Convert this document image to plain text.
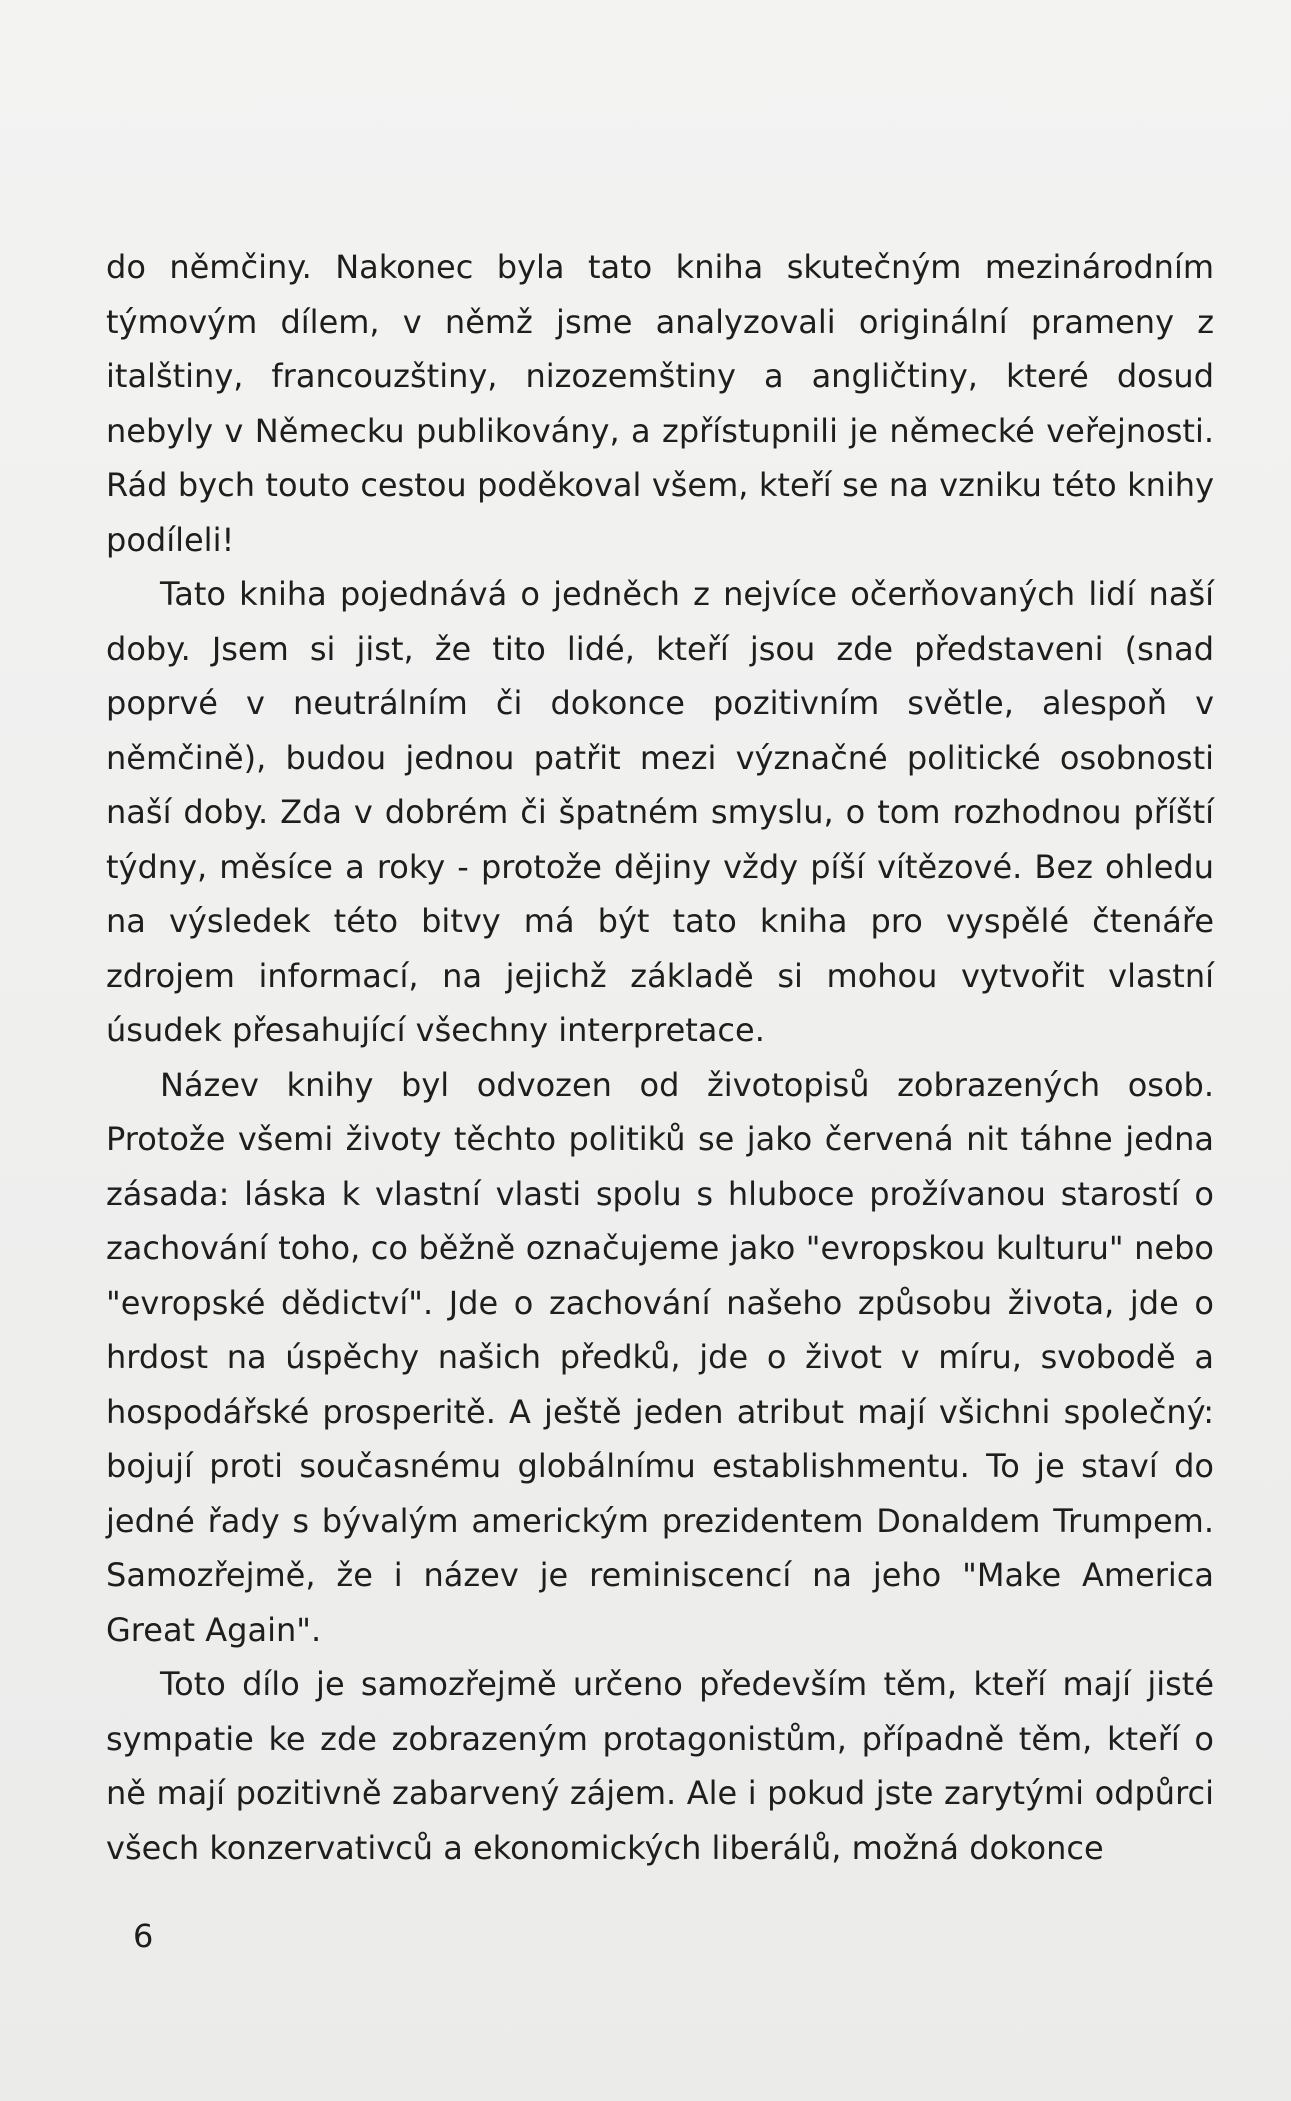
do němčiny. Nakonec byla tato kniha skutečným mezinárodním týmovým dílem, v němž jsme analyzovali originální prameny z italštiny, francouzštiny, nizozemštiny a angličtiny, které dosud nebyly v Německu publikovány, a zpřístupnili je německé veřejnosti. Rád bych touto cestou poděkoval všem, kteří se na vzniku této knihy podíleli!

Tato kniha pojednává o jedněch z nejvíce očerňovaných lidí naší doby. Jsem si jist, že tito lidé, kteří jsou zde představeni (snad poprvé v neutrálním či dokonce pozitivním světle, alespoň v němčině), budou jednou patřit mezi význačné politické osobnosti naší doby. Zda v dobrém či špatném smyslu, o tom rozhodnou příští týdny, měsíce a roky - protože dějiny vždy píší vítězové. Bez ohledu na výsledek této bitvy má být tato kniha pro vyspělé čtenáře zdrojem informací, na jejichž základě si mohou vytvořit vlastní úsudek přesahující všechny interpretace.

Název knihy byl odvozen od životopisů zobrazených osob. Protože všemi životy těchto politiků se jako červená nit táhne jedna zásada: láska k vlastní vlasti spolu s hluboce prožívanou starostí o zachování toho, co běžně označujeme jako "evropskou kulturu" nebo "evropské dědictví". Jde o zachování našeho způsobu života, jde o hrdost na úspěchy našich předků, jde o život v míru, svobodě a hospodářské prosperitě. A ještě jeden atribut mají všichni společný: bojují proti současnému globálnímu establishmentu. To je staví do jedné řady s bývalým americkým prezidentem Donaldem Trumpem. Samozřejmě, že i název je reminiscencí na jeho "Make America Great Again".

Toto dílo je samozřejmě určeno především těm, kteří mají jisté sympatie ke zde zobrazeným protagonistům, případně těm, kteří o ně mají pozitivně zabarvený zájem. Ale i pokud jste zarytými odpůrci všech konzervativců a ekonomických liberálů, možná dokonce

6
